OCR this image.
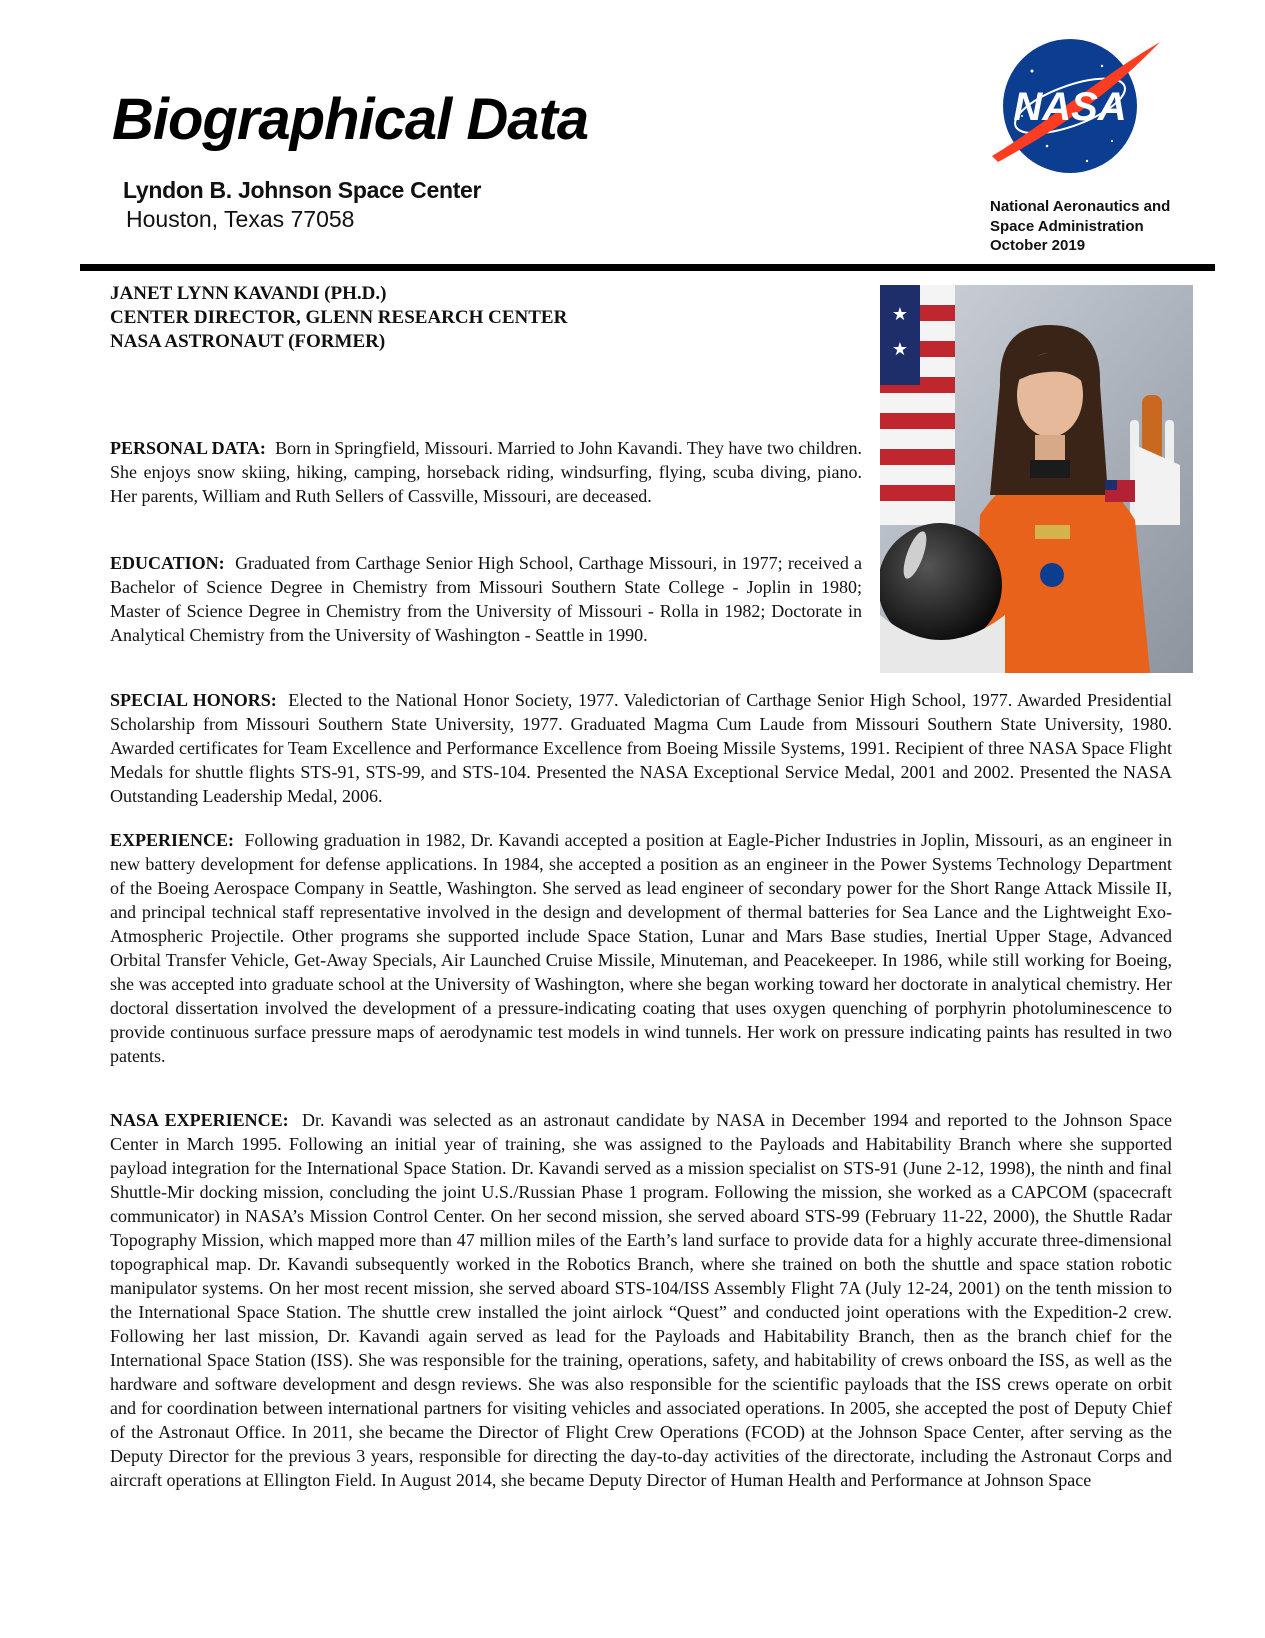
Biographical Data
Lyndon B. Johnson Space Center
Houston, Texas 77058
NASA
National Aeronautics and
Space Administration
October 2019
JANET LYNN KAVANDI (PH.D.)
CENTER DIRECTOR, GLENN RESEARCH CENTER
NASA ASTRONAUT (FORMER)
★
★
PERSONAL DATA: Born in Springfield, Missouri. Married to John Kavandi. They have two children. She enjoys snow skiing, hiking, camping, horseback riding, windsurfing, flying, scuba diving, piano. Her parents, William and Ruth Sellers of Cassville, Missouri, are deceased.
EDUCATION: Graduated from Carthage Senior High School, Carthage Missouri, in 1977; received a Bachelor of Science Degree in Chemistry from Missouri Southern State College - Joplin in 1980; Master of Science Degree in Chemistry from the University of Missouri - Rolla in 1982; Doctorate in Analytical Chemistry from the University of Washington - Seattle in 1990.
SPECIAL HONORS: Elected to the National Honor Society, 1977. Valedictorian of Carthage Senior High School, 1977. Awarded Presidential Scholarship from Missouri Southern State University, 1977. Graduated Magma Cum Laude from Missouri Southern State University, 1980. Awarded certificates for Team Excellence and Performance Excellence from Boeing Missile Systems, 1991. Recipient of three NASA Space Flight Medals for shuttle flights STS-91, STS-99, and STS-104. Presented the NASA Exceptional Service Medal, 2001 and 2002. Presented the NASA Outstanding Leadership Medal, 2006.
EXPERIENCE: Following graduation in 1982, Dr. Kavandi accepted a position at Eagle-Picher Industries in Joplin, Missouri, as an engineer in new battery development for defense applications. In 1984, she accepted a position as an engineer in the Power Systems Technology Department of the Boeing Aerospace Company in Seattle, Washington. She served as lead engineer of secondary power for the Short Range Attack Missile II, and principal technical staff representative involved in the design and development of thermal batteries for Sea Lance and the Lightweight Exo-Atmospheric Projectile. Other programs she supported include Space Station, Lunar and Mars Base studies, Inertial Upper Stage, Advanced Orbital Transfer Vehicle, Get-Away Specials, Air Launched Cruise Missile, Minuteman, and Peacekeeper. In 1986, while still working for Boeing, she was accepted into graduate school at the University of Washington, where she began working toward her doctorate in analytical chemistry. Her doctoral dissertation involved the development of a pressure-indicating coating that uses oxygen quenching of porphyrin photoluminescence to provide continuous surface pressure maps of aerodynamic test models in wind tunnels. Her work on pressure indicating paints has resulted in two patents.
NASA EXPERIENCE: Dr. Kavandi was selected as an astronaut candidate by NASA in December 1994 and reported to the Johnson Space Center in March 1995. Following an initial year of training, she was assigned to the Payloads and Habitability Branch where she supported payload integration for the International Space Station. Dr. Kavandi served as a mission specialist on STS-91 (June 2-12, 1998), the ninth and final Shuttle-Mir docking mission, concluding the joint U.S./Russian Phase 1 program. Following the mission, she worked as a CAPCOM (spacecraft communicator) in NASA’s Mission Control Center. On her second mission, she served aboard STS-99 (February 11-22, 2000), the Shuttle Radar Topography Mission, which mapped more than 47 million miles of the Earth’s land surface to provide data for a highly accurate three-dimensional topographical map. Dr. Kavandi subsequently worked in the Robotics Branch, where she trained on both the shuttle and space station robotic manipulator systems. On her most recent mission, she served aboard STS-104/ISS Assembly Flight 7A (July 12-24, 2001) on the tenth mission to the International Space Station. The shuttle crew installed the joint airlock “Quest” and conducted joint operations with the Expedition-2 crew. Following her last mission, Dr. Kavandi again served as lead for the Payloads and Habitability Branch, then as the branch chief for the International Space Station (ISS). She was responsible for the training, operations, safety, and habitability of crews onboard the ISS, as well as the hardware and software development and desgn reviews. She was also responsible for the scientific payloads that the ISS crews operate on orbit and for coordination between international partners for visiting vehicles and associated operations. In 2005, she accepted the post of Deputy Chief of the Astronaut Office. In 2011, she became the Director of Flight Crew Operations (FCOD) at the Johnson Space Center, after serving as the Deputy Director for the previous 3 years, responsible for directing the day-to-day activities of the directorate, including the Astronaut Corps and aircraft operations at Ellington Field. In August 2014, she became Deputy Director of Human Health and Performance at Johnson Space
